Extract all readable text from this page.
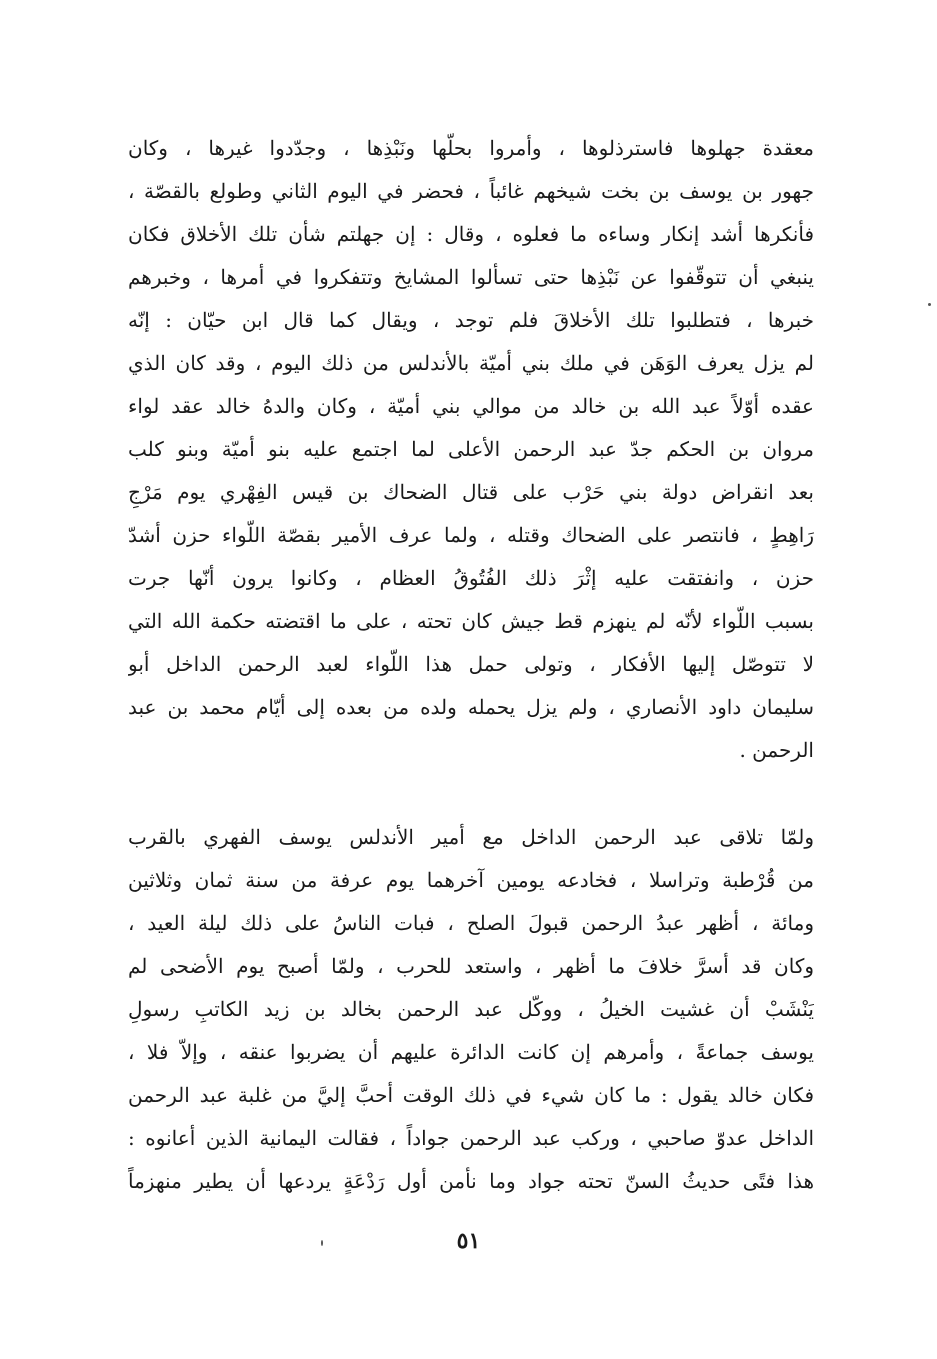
معقدة جهلوها فاسترذلوها ، وأمروا بحلّها ونَبْذِها ، وجدّدوا غيرها ، وكان
جهور بن يوسف بن بخت شيخهم غائباً ، فحضر في اليوم الثاني وطولع بالقصّة ،
فأنكرها أشد إنكار وساءه ما فعلوه ، وقال : إن جهلتم شأن تلك الأخلاق فكان
ينبغي أن تتوقّفوا عن نَبْذِها حتى تسألوا المشايخ وتتفكروا في أمرها ، وخبرهم
خبرها ، فتطلبوا تلك الأخلاقَ فلم توجد ، ويقال كما قال ابن حيّان : إنّه
لم يزل يعرف الوَهَن في ملك بني أميّة بالأندلس من ذلك اليوم ، وقد كان الذي
عقده أوّلاً عبد الله بن خالد من موالي بني أميّة ، وكان والدهُ خالد عقد لواء
مروان بن الحكم جدّ عبد الرحمن الأعلى لما اجتمع عليه بنو أميّة وبنو كلب
بعد انقراض دولة بني حَرْب على قتال الضحاك بن قيس الفِهْري يوم مَرْجِ
رَاهِطٍ ، فانتصر على الضحاك وقتله ، ولما عرف الأمير بقصّة اللّواء حزن أشدّ
حزن ، وانفتقت عليه إثْرَ ذلك الفُتُوقُ العظام ، وكانوا يرون أنّها جرت
بسبب اللّواء لأنّه لم ينهزم قط جيش كان تحته ، على ما اقتضته حكمة الله التي
لا تتوصّل إليها الأفكار ، وتولى حمل هذا اللّواء لعبد الرحمن الداخل أبو
سليمان داود الأنصاري ، ولم يزل يحمله ولده من بعده إلى أيّام محمد بن عبد
الرحمن .
ولمّا تلاقى عبد الرحمن الداخل مع أمير الأندلس يوسف الفهري بالقرب
من قُرْطبة وتراسلا ، فخادعه يومين آخرهما يوم عرفة من سنة ثمان وثلاثين
ومائة ، أظهر عبدُ الرحمن قبولَ الصلح ، فبات الناسُ على ذلك ليلة العيد ،
وكان قد أسرَّ خلافَ ما أظهر ، واستعد للحرب ، ولمّا أصبح يوم الأضحى لم
يَنْشَبْ أن غشيت الخيلُ ، ووكّل عبد الرحمن بخالد بن زيد الكاتبِ رسولِ
يوسف جماعةً ، وأمرهم إن كانت الدائرة عليهم أن يضربوا عنقه ، وإلاّ فلا ،
فكان خالد يقول : ما كان شيء في ذلك الوقت أحبَّ إليَّ من غلبة عبد الرحمن
الداخل عدوّ صاحبي ، وركب عبد الرحمن جواداً ، فقالت اليمانية الذين أعانوه :
هذا فتًى حديثُ السنّ تحته جواد وما نأمن أول رَدْعَةٍ يردعها أن يطير منهزماً
٥١
